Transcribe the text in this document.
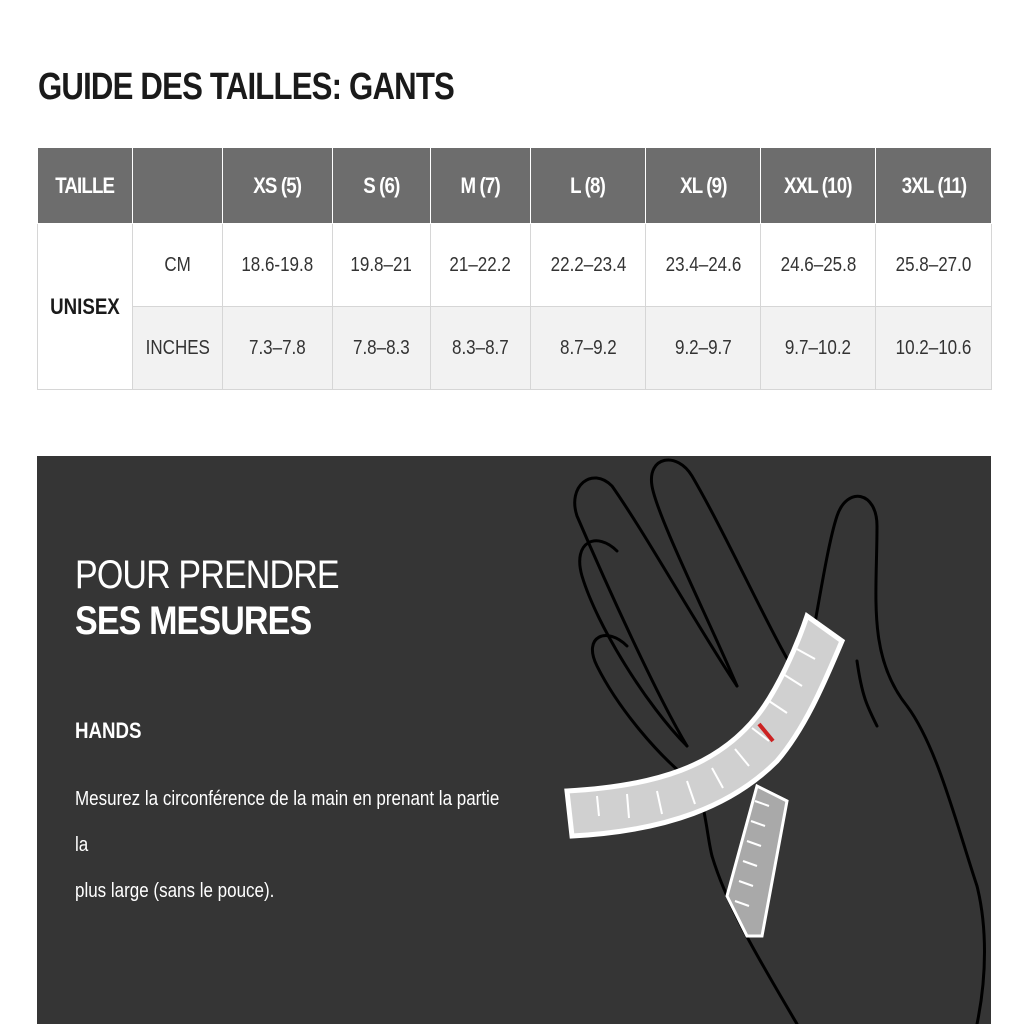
GUIDE DES TAILLES: GANTS
TAILLE		XS (5)	S (6)	M (7)	L (8)	XL (9)	XXL (10)	3XL (11)
UNISEX	CM	18.6-19.8	19.8–21	21–22.2	22.2–23.4	23.4–24.6	24.6–25.8	25.8–27.0
	INCHES	7.3–7.8	7.8–8.3	8.3–8.7	8.7–9.2	9.2–9.7	9.7–10.2	10.2–10.6
POUR PRENDRE
SES MESURES
HANDS
Mesurez la circonférence de la main en prenant la partie la
plus large (sans le pouce).
